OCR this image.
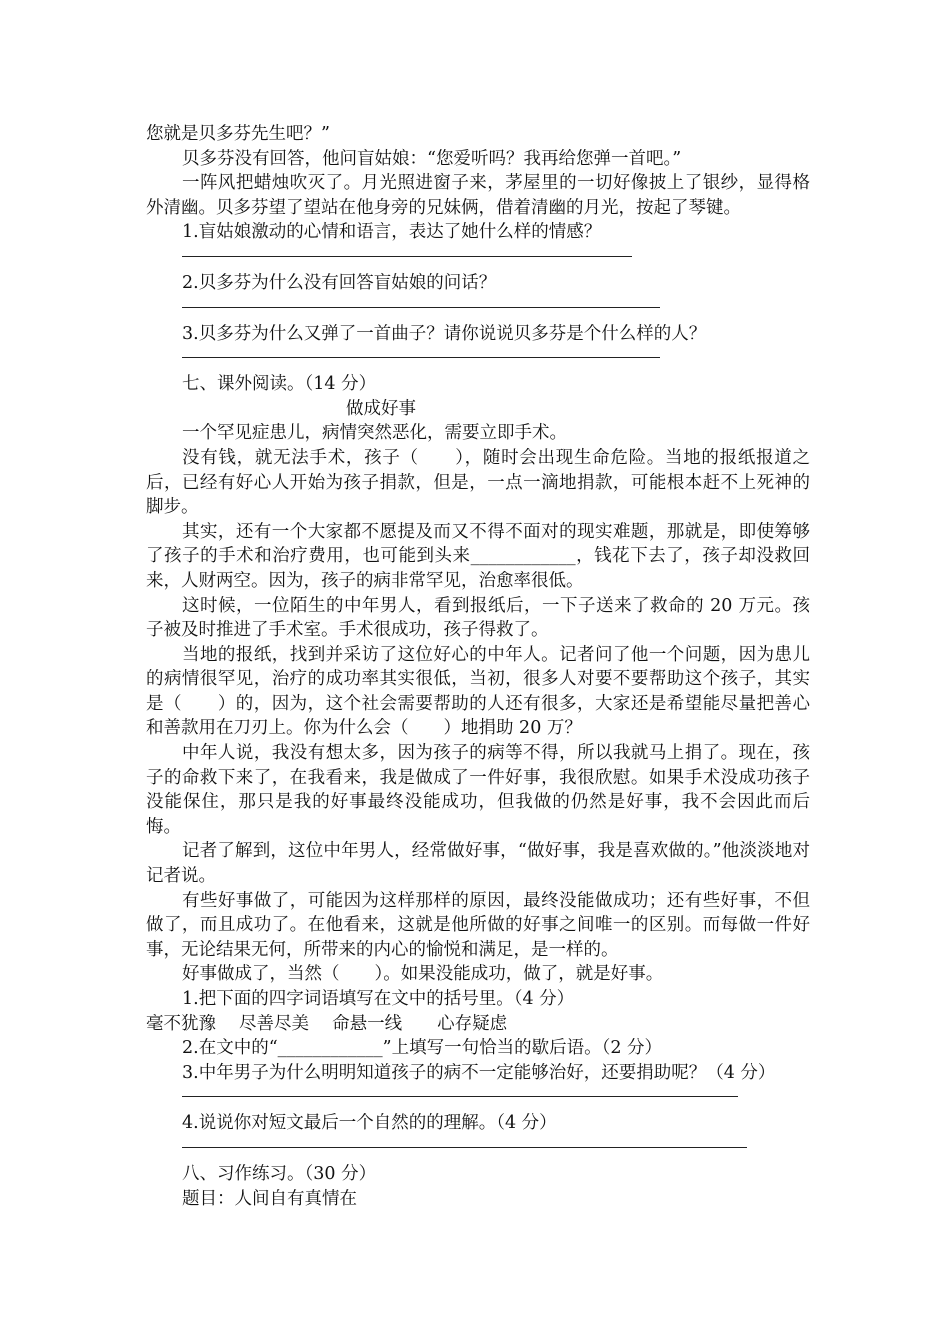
您就是贝多芬先生吧？”

贝多芬没有回答，他问盲姑娘：“您爱听吗？我再给您弹一首吧。”

一阵风把蜡烛吹灭了。月光照进窗子来，茅屋里的一切好像披上了银纱，显得格外清幽。贝多芬望了望站在他身旁的兄妹俩，借着清幽的月光，按起了琴键。

1.盲姑娘激动的心情和语言，表达了她什么样的情感？

2.贝多芬为什么没有回答盲姑娘的问话？

3.贝多芬为什么又弹了一首曲子？请你说说贝多芬是个什么样的人？

七、课外阅读。（14 分）

做成好事

一个罕见症患儿，病情突然恶化，需要立即手术。

没有钱，就无法手术，孩子（　　），随时会出现生命危险。当地的报纸报道之后，已经有好心人开始为孩子捐款，但是，一点一滴地捐款，可能根本赶不上死神的脚步。

其实，还有一个大家都不愿提及而又不得不面对的现实难题，那就是，即使筹够了孩子的手术和治疗费用，也可能到头来____________，钱花下去了，孩子却没救回来，人财两空。因为，孩子的病非常罕见，治愈率很低。

这时候，一位陌生的中年男人，看到报纸后，一下子送来了救命的 20 万元。孩子被及时推进了手术室。手术很成功，孩子得救了。

当地的报纸，找到并采访了这位好心的中年人。记者问了他一个问题，因为患儿的病情很罕见，治疗的成功率其实很低，当初，很多人对要不要帮助这个孩子，其实是（　　）的，因为，这个社会需要帮助的人还有很多，大家还是希望能尽量把善心和善款用在刀刃上。你为什么会（　　）地捐助 20 万？

中年人说，我没有想太多，因为孩子的病等不得，所以我就马上捐了。现在，孩子的命救下来了，在我看来，我是做成了一件好事，我很欣慰。如果手术没成功孩子没能保住，那只是我的好事最终没能成功，但我做的仍然是好事，我不会因此而后悔。

记者了解到，这位中年男人，经常做好事，“做好事，我是喜欢做的。”他淡淡地对记者说。

有些好事做了，可能因为这样那样的原因，最终没能做成功；还有些好事，不但做了，而且成功了。在他看来，这就是他所做的好事之间唯一的区别。而每做一件好事，无论结果无何，所带来的内心的愉悦和满足，是一样的。

好事做成了，当然（　　）。如果没能成功，做了，就是好事。

1.把下面的四字词语填写在文中的括号里。（4 分）

毫不犹豫　 尽善尽美　 命悬一线　　心存疑虑

2.在文中的“____________”上填写一句恰当的歇后语。（2 分）

3.中年男子为什么明明知道孩子的病不一定能够治好，还要捐助呢？（4 分）

4.说说你对短文最后一个自然的的理解。（4 分）

八、习作练习。（30 分）

题目：人间自有真情在
